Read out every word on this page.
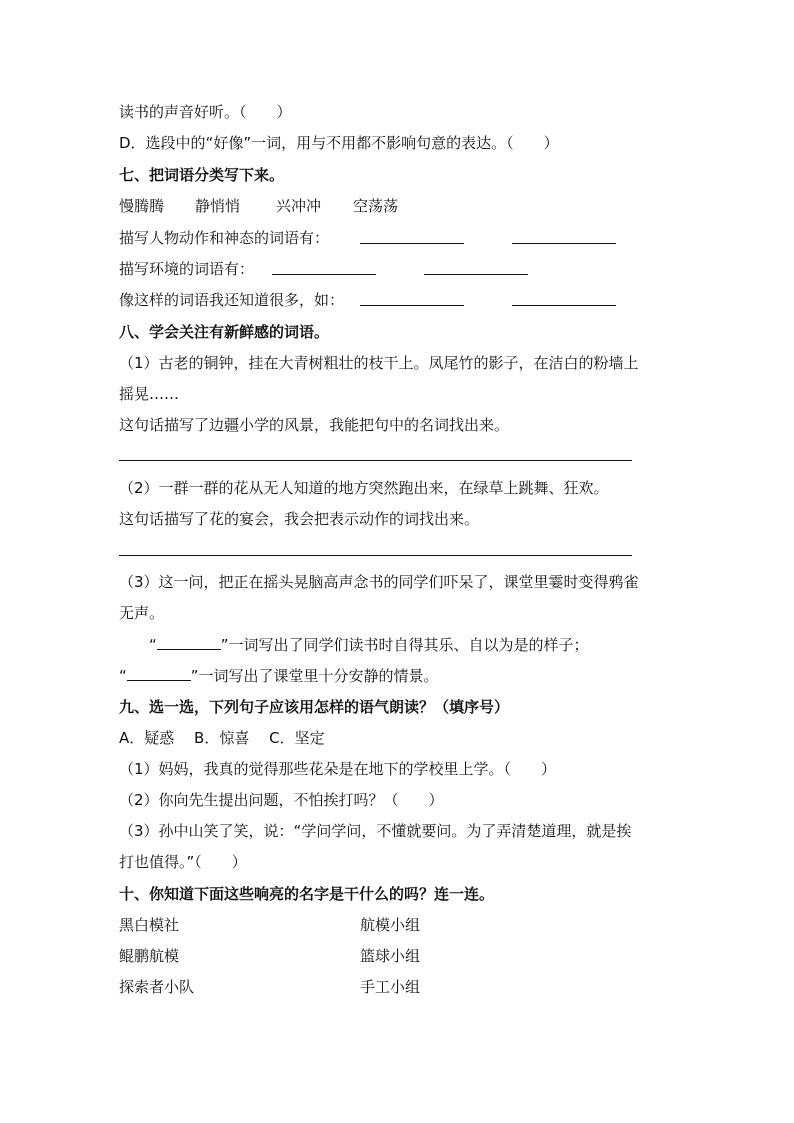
读书的声音好听。（　　）
D．选段中的“好像”一词，用与不用都不影响句意的表达。（　　）
七、把词语分类写下来。
慢腾腾 静悄悄 兴冲冲 空荡荡
描写人物动作和神态的词语有：
描写环境的词语有：
像这样的词语我还知道很多，如：
八、学会关注有新鲜感的词语。
（1）古老的铜钟，挂在大青树粗壮的枝干上。凤尾竹的影子，在洁白的粉墙上
摇晃……
这句话描写了边疆小学的风景，我能把句中的名词找出来。
（2）一群一群的花从无人知道的地方突然跑出来，在绿草上跳舞、狂欢。
这句话描写了花的宴会，我会把表示动作的词找出来。
（3）这一问，把正在摇头晃脑高声念书的同学们吓呆了，课堂里霎时变得鸦雀
无声。
“	”一词写出了同学们读书时自得其乐、自以为是的样子；
“	”一词写出了课堂里十分安静的情景。
九、选一选，下列句子应该用怎样的语气朗读？（填序号）
A．疑惑　 B．惊喜　 C．坚定
（1）妈妈，我真的觉得那些花朵是在地下的学校里上学。（　　）
（2）你向先生提出问题，不怕挨打吗？（　　）
（3）孙中山笑了笑，说：“学问学问，不懂就要问。为了弄清楚道理，就是挨
打也值得。”（　　）
十、你知道下面这些响亮的名字是干什么的吗？连一连。
黑白模社	航模小组
鲲鹏航模	篮球小组
探索者小队	手工小组
